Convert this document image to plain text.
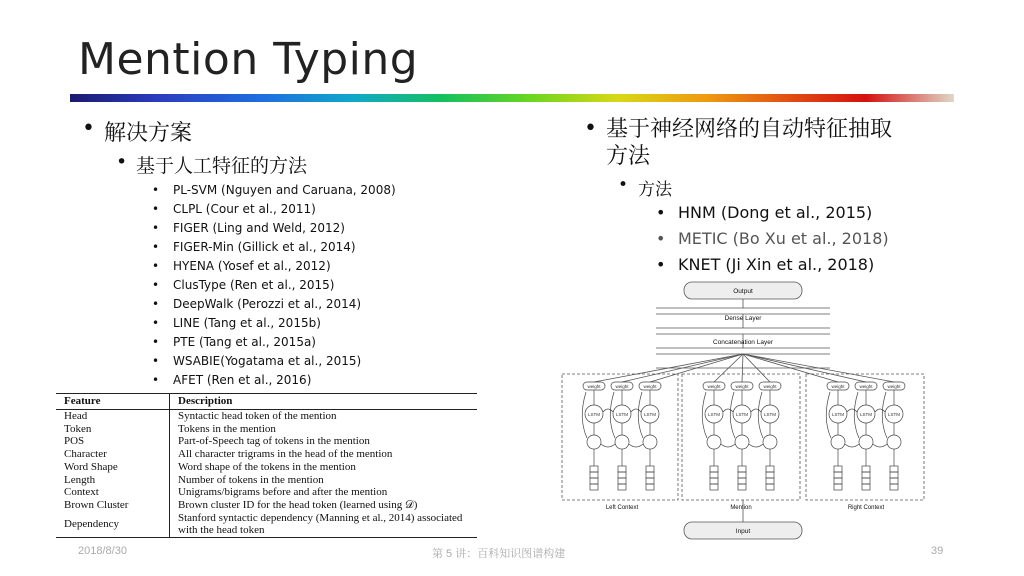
Mention Typing
• 解决方案
• 基于人工特征的方法
•	PL-SVM (Nguyen and Caruana, 2008)
•	CLPL (Cour et al., 2011)
•	FIGER (Ling and Weld, 2012)
•	FIGER-Min (Gillick et al., 2014)
•	HYENA (Yosef et al., 2012)
•	ClusType (Ren et al., 2015)
•	DeepWalk (Perozzi et al., 2014)
•	LINE (Tang et al., 2015b)
•	PTE (Tang et al., 2015a)
•	WSABIE(Yogatama et al., 2015)
•	AFET (Ren et al., 2016)
Feature	Description
Head	Syntactic head token of the mention
Token	Tokens in the mention
POS	Part-of-Speech tag of tokens in the mention
Character	All character trigrams in the head of the mention
Word Shape	Word shape of the tokens in the mention
Length	Number of tokens in the mention
Context	Unigrams/bigrams before and after the mention
Brown Cluster	Brown cluster ID for the head token (learned using 𝒟)
Dependency	Stanford syntactic dependency (Manning et al., 2014) associated with the head token
• 基于神经网络的自动特征抽取
方法
• 方法
• HNM (Dong et al., 2015)
• METIC (Bo Xu et al., 2018)
• KNET (Ji Xin et al., 2018)
weight
LSTM
weight
LSTM
weight
LSTM
weight
LSTM
weight
LSTM
weight
LSTM
weight
LSTM
weight
LSTM
weight
LSTM
Output
Dense Layer
Concatenation Layer
Left Context	Mention	Right Context
Input
2018/8/30	第 5 讲：百科知识图谱构建	39
